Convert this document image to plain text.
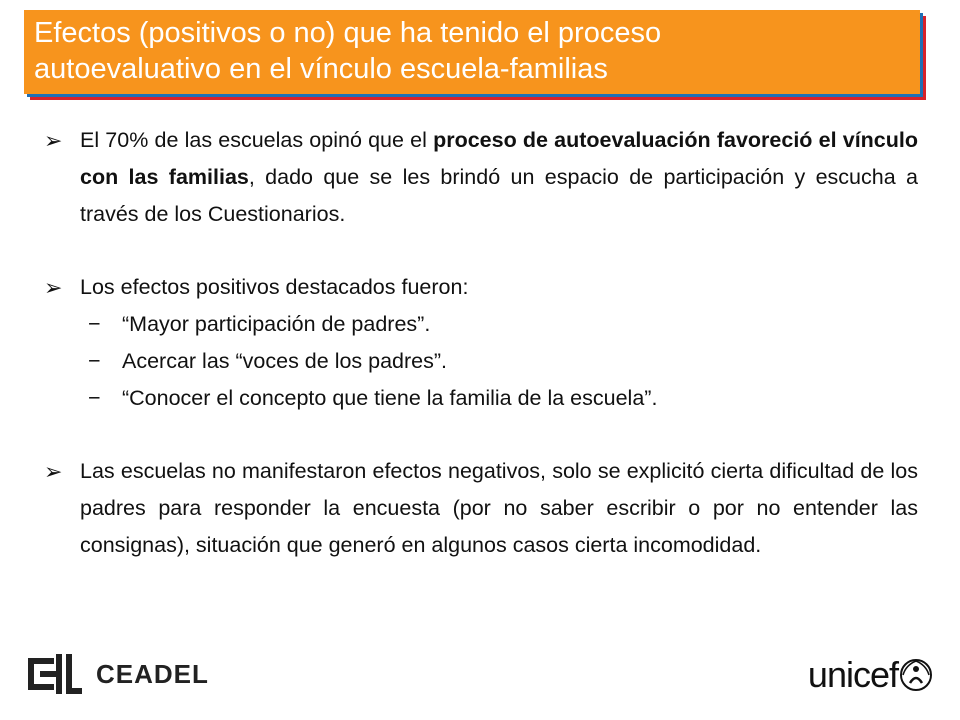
Efectos (positivos o no) que ha tenido el proceso
autoevaluativo en el vínculo escuela-familias
➢ El 70% de las escuelas opinó que el proceso de autoevaluación favoreció el vínculo con las familias, dado que se les brindó un espacio de participación y escucha a través de los Cuestionarios.
➢ Los efectos positivos destacados fueron:
− “Mayor participación de padres”.
− Acercar las “voces de los padres”.
− “Conocer el concepto que tiene la familia de la escuela”.
➢ Las escuelas no manifestaron efectos negativos, solo se explicitó cierta dificultad de los padres para responder la encuesta (por no saber escribir o por no entender las consignas), situación que generó en algunos casos cierta incomodidad.
CEADEL	unicef
